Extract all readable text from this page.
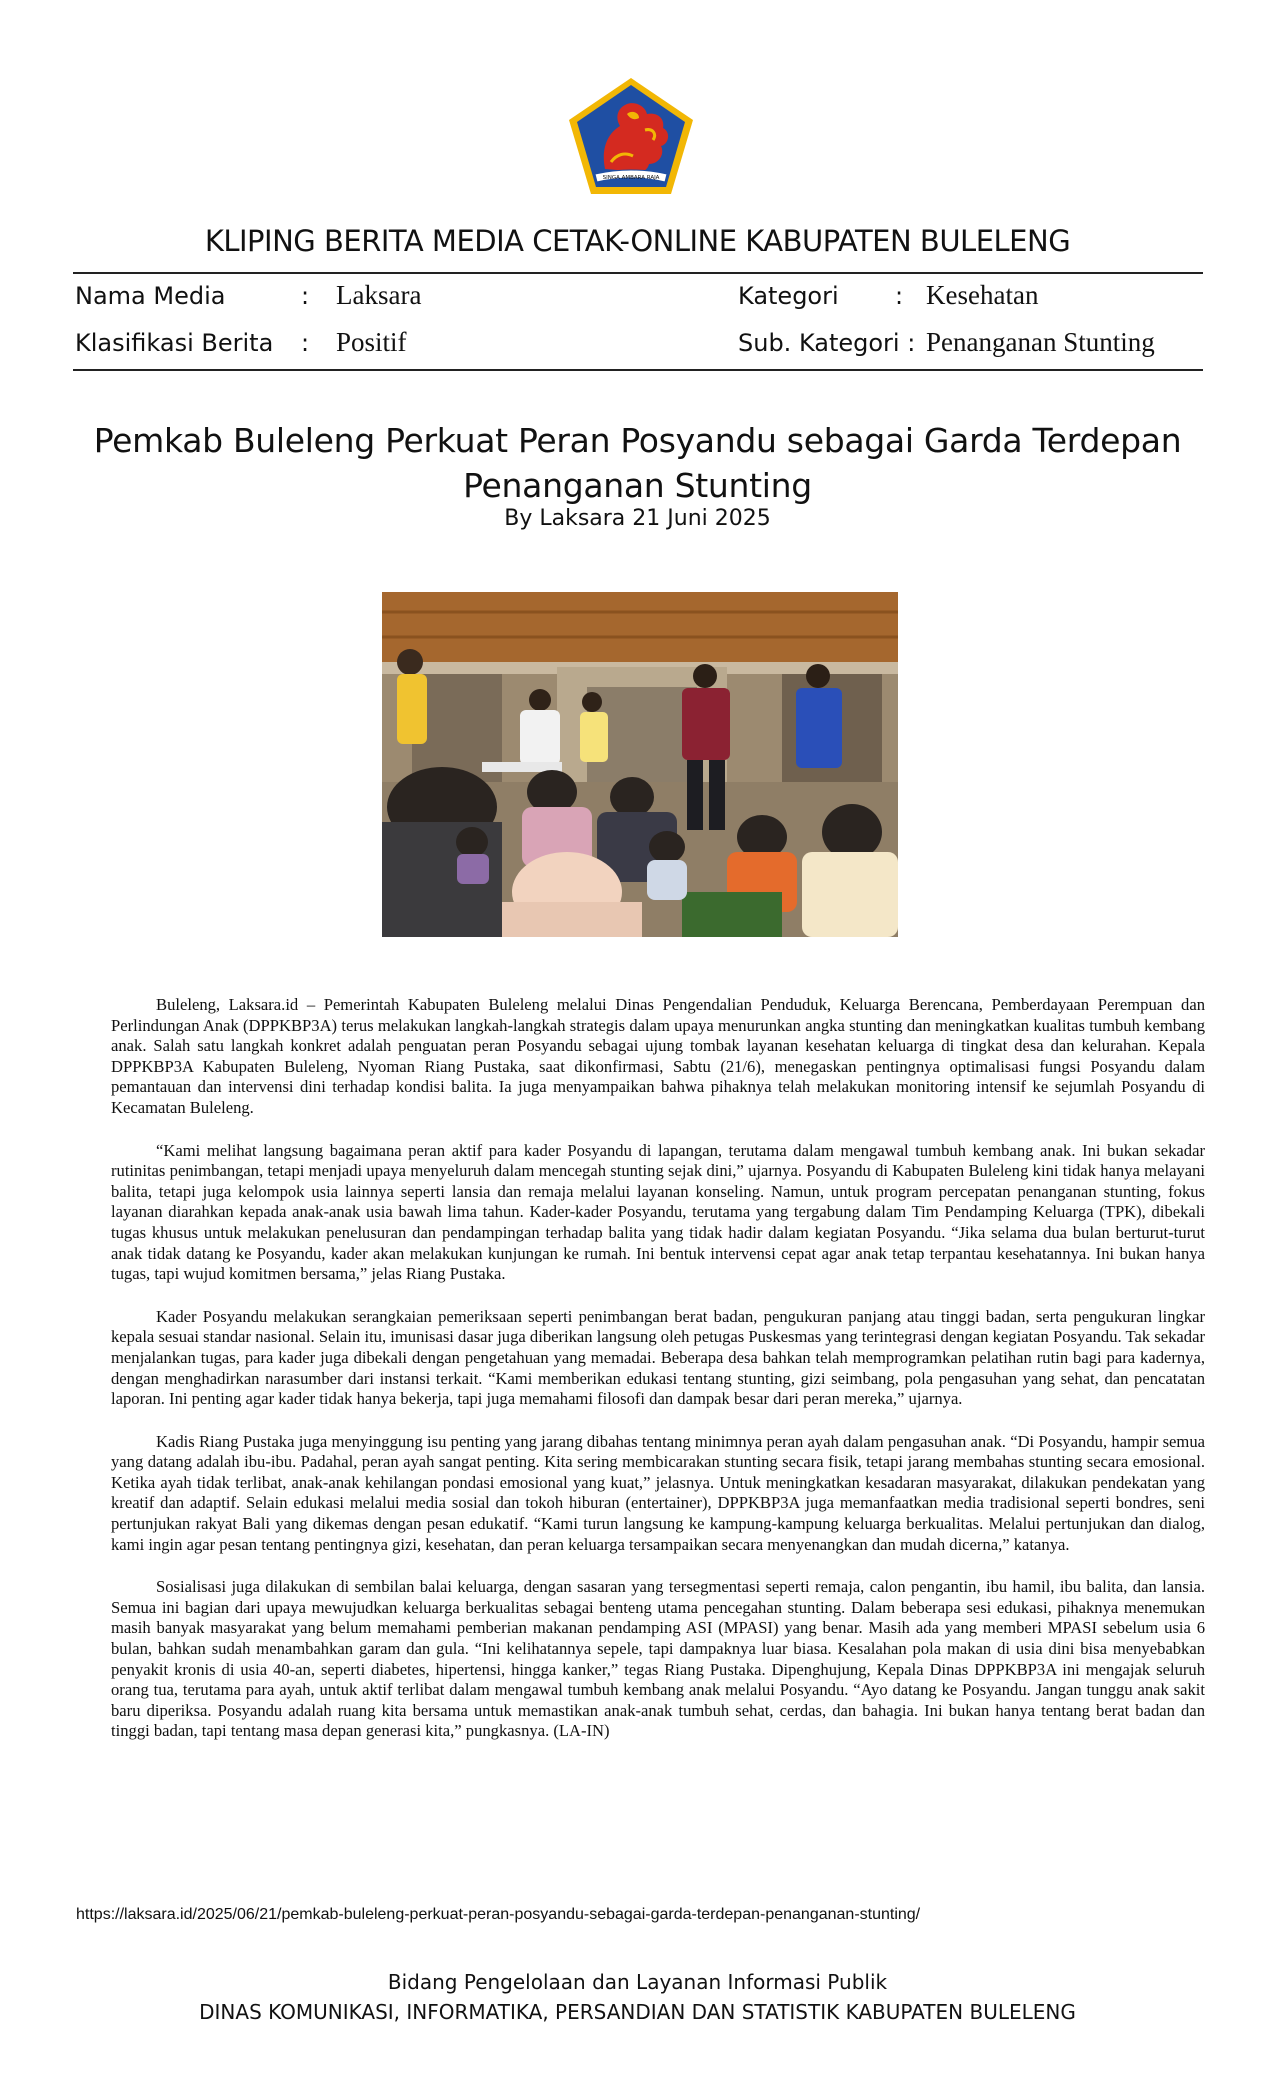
SINGA AMBARA RAJA
KLIPING BERITA MEDIA CETAK-ONLINE KABUPATEN BULELENG
Nama Media	: Laksara	Kategori : Kesehatan
Klasifikasi Berita : Positif	Sub. Kategori : Penanganan Stunting
Pemkab Buleleng Perkuat Peran Posyandu sebagai Garda Terdepan
Penanganan Stunting
By Laksara 21 Juni 2025

Buleleng, Laksara.id – Pemerintah Kabupaten Buleleng melalui Dinas Pengendalian Penduduk, Keluarga Berencana, Pemberdayaan Perempuan dan Perlindungan Anak (DPPKBP3A) terus melakukan langkah-langkah strategis dalam upaya menurunkan angka stunting dan meningkatkan kualitas tumbuh kembang anak. Salah satu langkah konkret adalah penguatan peran Posyandu sebagai ujung tombak layanan kesehatan keluarga di tingkat desa dan kelurahan. Kepala DPPKBP3A Kabupaten Buleleng, Nyoman Riang Pustaka, saat dikonfirmasi, Sabtu (21/6), menegaskan pentingnya optimalisasi fungsi Posyandu dalam pemantauan dan intervensi dini terhadap kondisi balita. Ia juga menyampaikan bahwa pihaknya telah melakukan monitoring intensif ke sejumlah Posyandu di Kecamatan Buleleng.

“Kami melihat langsung bagaimana peran aktif para kader Posyandu di lapangan, terutama dalam mengawal tumbuh kembang anak. Ini bukan sekadar rutinitas penimbangan, tetapi menjadi upaya menyeluruh dalam mencegah stunting sejak dini,” ujarnya. Posyandu di Kabupaten Buleleng kini tidak hanya melayani balita, tetapi juga kelompok usia lainnya seperti lansia dan remaja melalui layanan konseling. Namun, untuk program percepatan penanganan stunting, fokus layanan diarahkan kepada anak-anak usia bawah lima tahun. Kader-kader Posyandu, terutama yang tergabung dalam Tim Pendamping Keluarga (TPK), dibekali tugas khusus untuk melakukan penelusuran dan pendampingan terhadap balita yang tidak hadir dalam kegiatan Posyandu. “Jika selama dua bulan berturut-turut anak tidak datang ke Posyandu, kader akan melakukan kunjungan ke rumah. Ini bentuk intervensi cepat agar anak tetap terpantau kesehatannya. Ini bukan hanya tugas, tapi wujud komitmen bersama,” jelas Riang Pustaka.

Kader Posyandu melakukan serangkaian pemeriksaan seperti penimbangan berat badan, pengukuran panjang atau tinggi badan, serta pengukuran lingkar kepala sesuai standar nasional. Selain itu, imunisasi dasar juga diberikan langsung oleh petugas Puskesmas yang terintegrasi dengan kegiatan Posyandu. Tak sekadar menjalankan tugas, para kader juga dibekali dengan pengetahuan yang memadai. Beberapa desa bahkan telah memprogramkan pelatihan rutin bagi para kadernya, dengan menghadirkan narasumber dari instansi terkait. “Kami memberikan edukasi tentang stunting, gizi seimbang, pola pengasuhan yang sehat, dan pencatatan laporan. Ini penting agar kader tidak hanya bekerja, tapi juga memahami filosofi dan dampak besar dari peran mereka,” ujarnya.

Kadis Riang Pustaka juga menyinggung isu penting yang jarang dibahas tentang minimnya peran ayah dalam pengasuhan anak. “Di Posyandu, hampir semua yang datang adalah ibu-ibu. Padahal, peran ayah sangat penting. Kita sering membicarakan stunting secara fisik, tetapi jarang membahas stunting secara emosional. Ketika ayah tidak terlibat, anak-anak kehilangan pondasi emosional yang kuat,” jelasnya. Untuk meningkatkan kesadaran masyarakat, dilakukan pendekatan yang kreatif dan adaptif. Selain edukasi melalui media sosial dan tokoh hiburan (entertainer), DPPKBP3A juga memanfaatkan media tradisional seperti bondres, seni pertunjukan rakyat Bali yang dikemas dengan pesan edukatif. “Kami turun langsung ke kampung-kampung keluarga berkualitas. Melalui pertunjukan dan dialog, kami ingin agar pesan tentang pentingnya gizi, kesehatan, dan peran keluarga tersampaikan secara menyenangkan dan mudah dicerna,” katanya.

Sosialisasi juga dilakukan di sembilan balai keluarga, dengan sasaran yang tersegmentasi seperti remaja, calon pengantin, ibu hamil, ibu balita, dan lansia. Semua ini bagian dari upaya mewujudkan keluarga berkualitas sebagai benteng utama pencegahan stunting. Dalam beberapa sesi edukasi, pihaknya menemukan masih banyak masyarakat yang belum memahami pemberian makanan pendamping ASI (MPASI) yang benar. Masih ada yang memberi MPASI sebelum usia 6 bulan, bahkan sudah menambahkan garam dan gula. “Ini kelihatannya sepele, tapi dampaknya luar biasa. Kesalahan pola makan di usia dini bisa menyebabkan penyakit kronis di usia 40-an, seperti diabetes, hipertensi, hingga kanker,” tegas Riang Pustaka. Dipenghujung, Kepala Dinas DPPKBP3A ini mengajak seluruh orang tua, terutama para ayah, untuk aktif terlibat dalam mengawal tumbuh kembang anak melalui Posyandu. “Ayo datang ke Posyandu. Jangan tunggu anak sakit baru diperiksa. Posyandu adalah ruang kita bersama untuk memastikan anak-anak tumbuh sehat, cerdas, dan bahagia. Ini bukan hanya tentang berat badan dan tinggi badan, tapi tentang masa depan generasi kita,” pungkasnya. (LA-IN)

https://laksara.id/2025/06/21/pemkab-buleleng-perkuat-peran-posyandu-sebagai-garda-terdepan-penanganan-stunting/
Bidang Pengelolaan dan Layanan Informasi Publik
DINAS KOMUNIKASI, INFORMATIKA, PERSANDIAN DAN STATISTIK KABUPATEN BULELENG
